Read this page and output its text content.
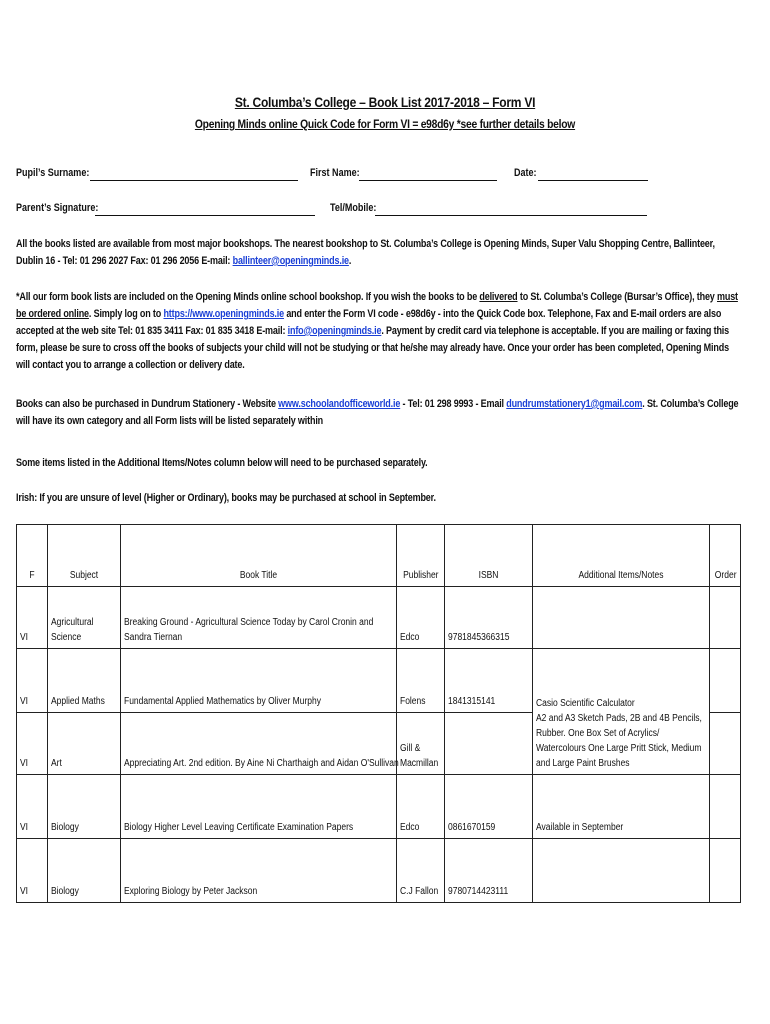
St. Columba’s College – Book List 2017-2018 – Form VI
Opening Minds online Quick Code for Form VI = e98d6y *see further details below
Pupil’s Surname:	First Name:	Date:
Parent’s Signature:	Tel/Mobile:
All the books listed are available from most major bookshops. The nearest bookshop to St. Columba’s College is Opening Minds, Super Valu Shopping Centre, Ballinteer, Dublin 16 - Tel: 01 296 2027 Fax: 01 296 2056 E-mail: ballinteer@openingminds.ie.
*All our form book lists are included on the Opening Minds online school bookshop. If you wish the books to be delivered to St. Columba’s College (Bursar’s Office), they must be ordered online. Simply log on to https://www.openingminds.ie and enter the Form VI code - e98d6y - into the Quick Code box. Telephone, Fax and E-mail orders are also accepted at the web site Tel: 01 835 3411 Fax: 01 835 3418 E-mail: info@openingminds.ie. Payment by credit card via telephone is acceptable. If you are mailing or faxing this form, please be sure to cross off the books of subjects your child will not be studying or that he/she may already have. Once your order has been completed, Opening Minds will contact you to arrange a collection or delivery date.
Books can also be purchased in Dundrum Stationery - Website www.schoolandofficeworld.ie - Tel: 01 298 9993 - Email dundrumstationery1@gmail.com. St. Columba’s College will have its own category and all Form lists will be listed separately within
Some items listed in the Additional Items/Notes column below will need to be purchased separately.
Irish: If you are unsure of level (Higher or Ordinary), books may be purchased at school in September.
F	Subject	Book Title	Publisher	ISBN	Additional Items/Notes	Order

VI	Agricultural Science	Breaking Ground - Agricultural Science Today by Carol Cronin and Sandra Tiernan	Edco	9781845366315		

VI	Applied Maths	Fundamental Applied Mathematics by Oliver Murphy	Folens	1841315141	Casio Scientific Calculator
A2 and A3 Sketch Pads, 2B and 4B Pencils, Rubber. One Box Set of Acrylics/ Watercolours One Large Pritt Stick, Medium and Large Paint Brushes	

VI	Art	Appreciating Art. 2nd edition. By Aine Ni Charthaigh and Aidan O'Sullivan	Gill & Macmillan			

VI	Biology	Biology Higher Level Leaving Certificate Examination Papers	Edco	0861670159	Available in September	

VI	Biology	Exploring Biology by Peter Jackson	C.J Fallon	9780714423111		
